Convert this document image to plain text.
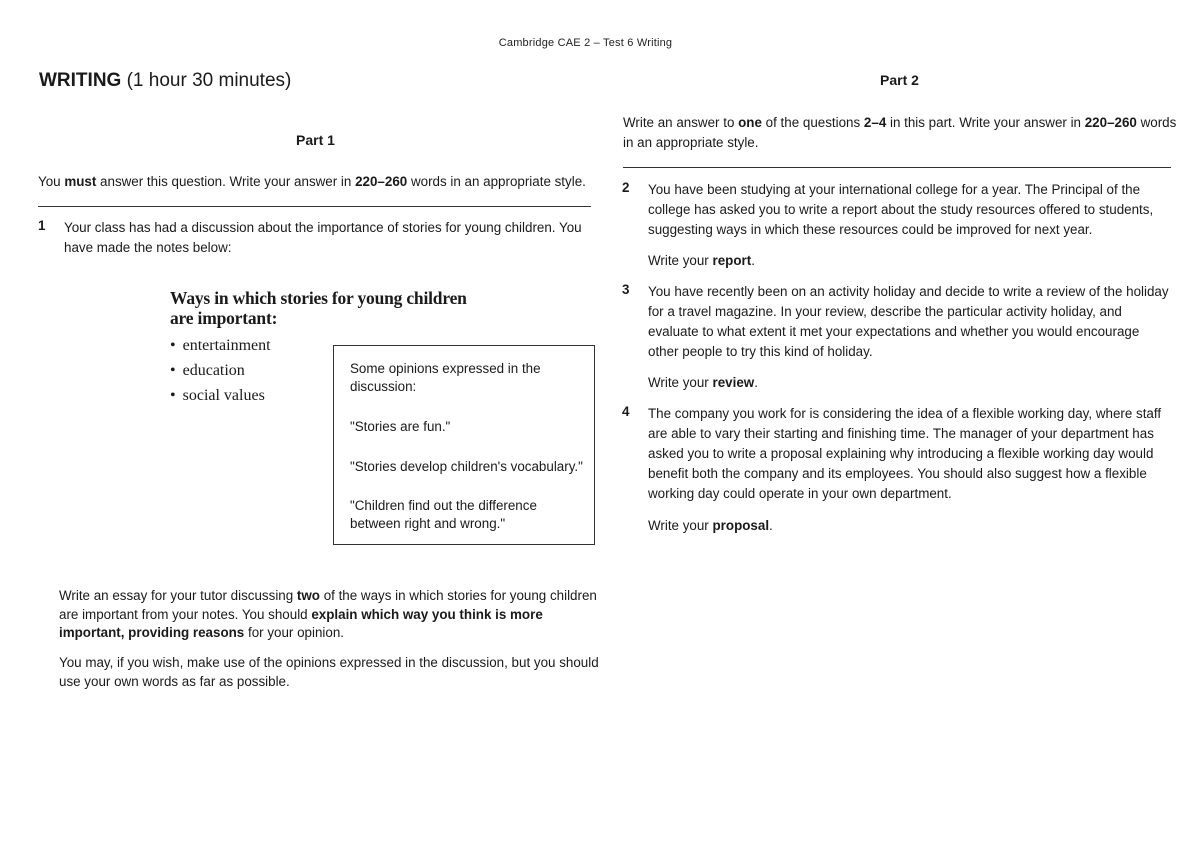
Cambridge CAE 2 – Test 6 Writing
WRITING (1 hour 30 minutes)
Part 1
You must answer this question. Write your answer in 220–260 words in an appropriate style.
1 Your class has had a discussion about the importance of stories for young children. You have made the notes below:
Ways in which stories for young children are important:
• entertainment
• education
• social values
Some opinions expressed in the discussion:
"Stories are fun."
"Stories develop children's vocabulary."
"Children find out the difference between right and wrong."
Write an essay for your tutor discussing two of the ways in which stories for young children are important from your notes. You should explain which way you think is more important, providing reasons for your opinion.
You may, if you wish, make use of the opinions expressed in the discussion, but you should use your own words as far as possible.
Part 2
Write an answer to one of the questions 2–4 in this part. Write your answer in 220–260 words in an appropriate style.
2 You have been studying at your international college for a year. The Principal of the college has asked you to write a report about the study resources offered to students, suggesting ways in which these resources could be improved for next year.
Write your report.
3 You have recently been on an activity holiday and decide to write a review of the holiday for a travel magazine. In your review, describe the particular activity holiday, and evaluate to what extent it met your expectations and whether you would encourage other people to try this kind of holiday.
Write your review.
4 The company you work for is considering the idea of a flexible working day, where staff are able to vary their starting and finishing time. The manager of your department has asked you to write a proposal explaining why introducing a flexible working day would benefit both the company and its employees. You should also suggest how a flexible working day could operate in your own department.
Write your proposal.
